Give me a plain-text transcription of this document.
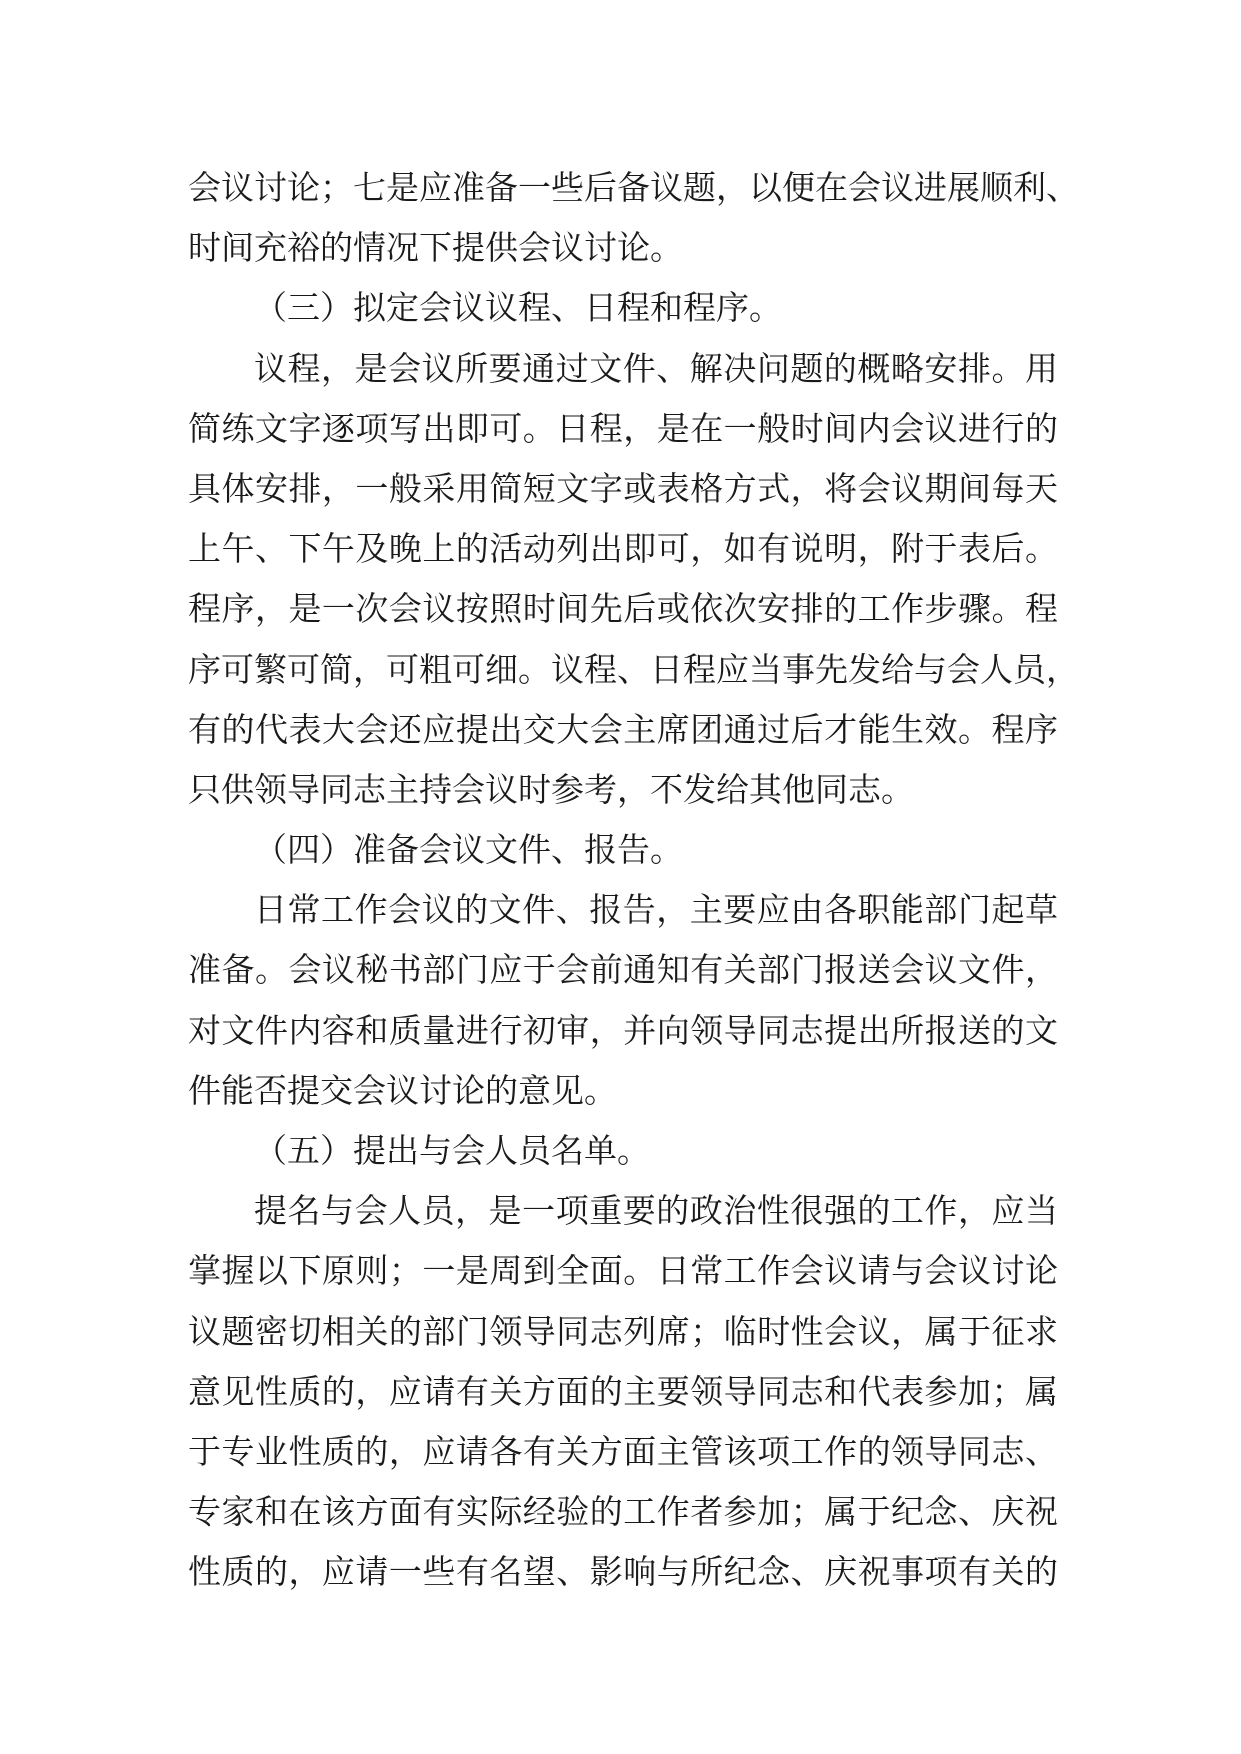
会议讨论；七是应准备一些后备议题，以便在会议进展顺利、
时间充裕的情况下提供会议讨论。
（三）拟定会议议程、日程和程序。
议程，是会议所要通过文件、解决问题的概略安排。用
简练文字逐项写出即可。日程，是在一般时间内会议进行的
具体安排，一般采用简短文字或表格方式，将会议期间每天
上午、下午及晚上的活动列出即可，如有说明，附于表后。
程序，是一次会议按照时间先后或依次安排的工作步骤。程
序可繁可简，可粗可细。议程、日程应当事先发给与会人员，
有的代表大会还应提出交大会主席团通过后才能生效。程序
只供领导同志主持会议时参考，不发给其他同志。
（四）准备会议文件、报告。
日常工作会议的文件、报告，主要应由各职能部门起草
准备。会议秘书部门应于会前通知有关部门报送会议文件，
对文件内容和质量进行初审，并向领导同志提出所报送的文
件能否提交会议讨论的意见。
（五）提出与会人员名单。
提名与会人员，是一项重要的政治性很强的工作，应当
掌握以下原则；一是周到全面。日常工作会议请与会议讨论
议题密切相关的部门领导同志列席；临时性会议，属于征求
意见性质的，应请有关方面的主要领导同志和代表参加；属
于专业性质的，应请各有关方面主管该项工作的领导同志、
专家和在该方面有实际经验的工作者参加；属于纪念、庆祝
性质的，应请一些有名望、影响与所纪念、庆祝事项有关的
